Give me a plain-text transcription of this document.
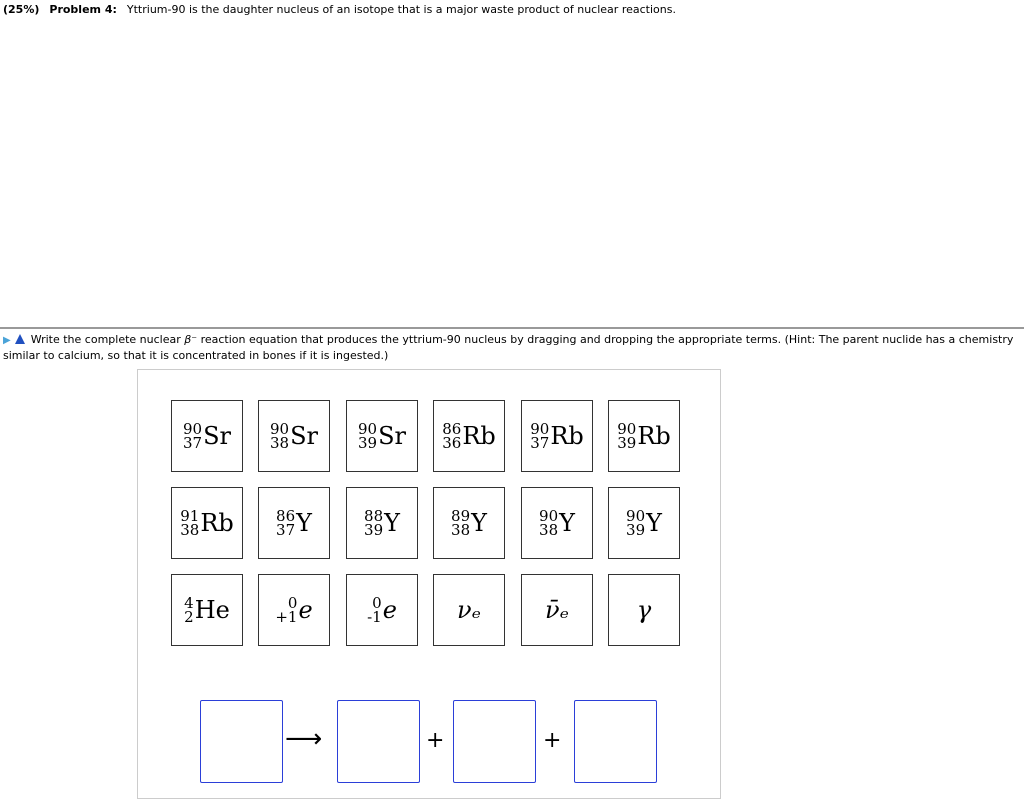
(25%) Problem 4: Yttrium-90 is the daughter nucleus of an isotope that is a major waste product of nuclear reactions.
▶ Write the complete nuclear β⁻ reaction equation that produces the yttrium-90 nucleus by dragging and dropping the appropriate terms. (Hint: The parent nuclide has a chemistry similar to calcium, so that it is concentrated in bones if it is ingested.)
90
37 Sr	90
38 Sr	90
39 Sr 86
36 Rb 90
37 Rb 90
39 Rb
91
38 Rb	86
37 Y	88
39 Y	89
38 Y	90
38 Y	90
39 Y
4
2 He	0
+1 e	0
-1 e	νₑ	ν̄ₑ	γ
⟶	+	+
